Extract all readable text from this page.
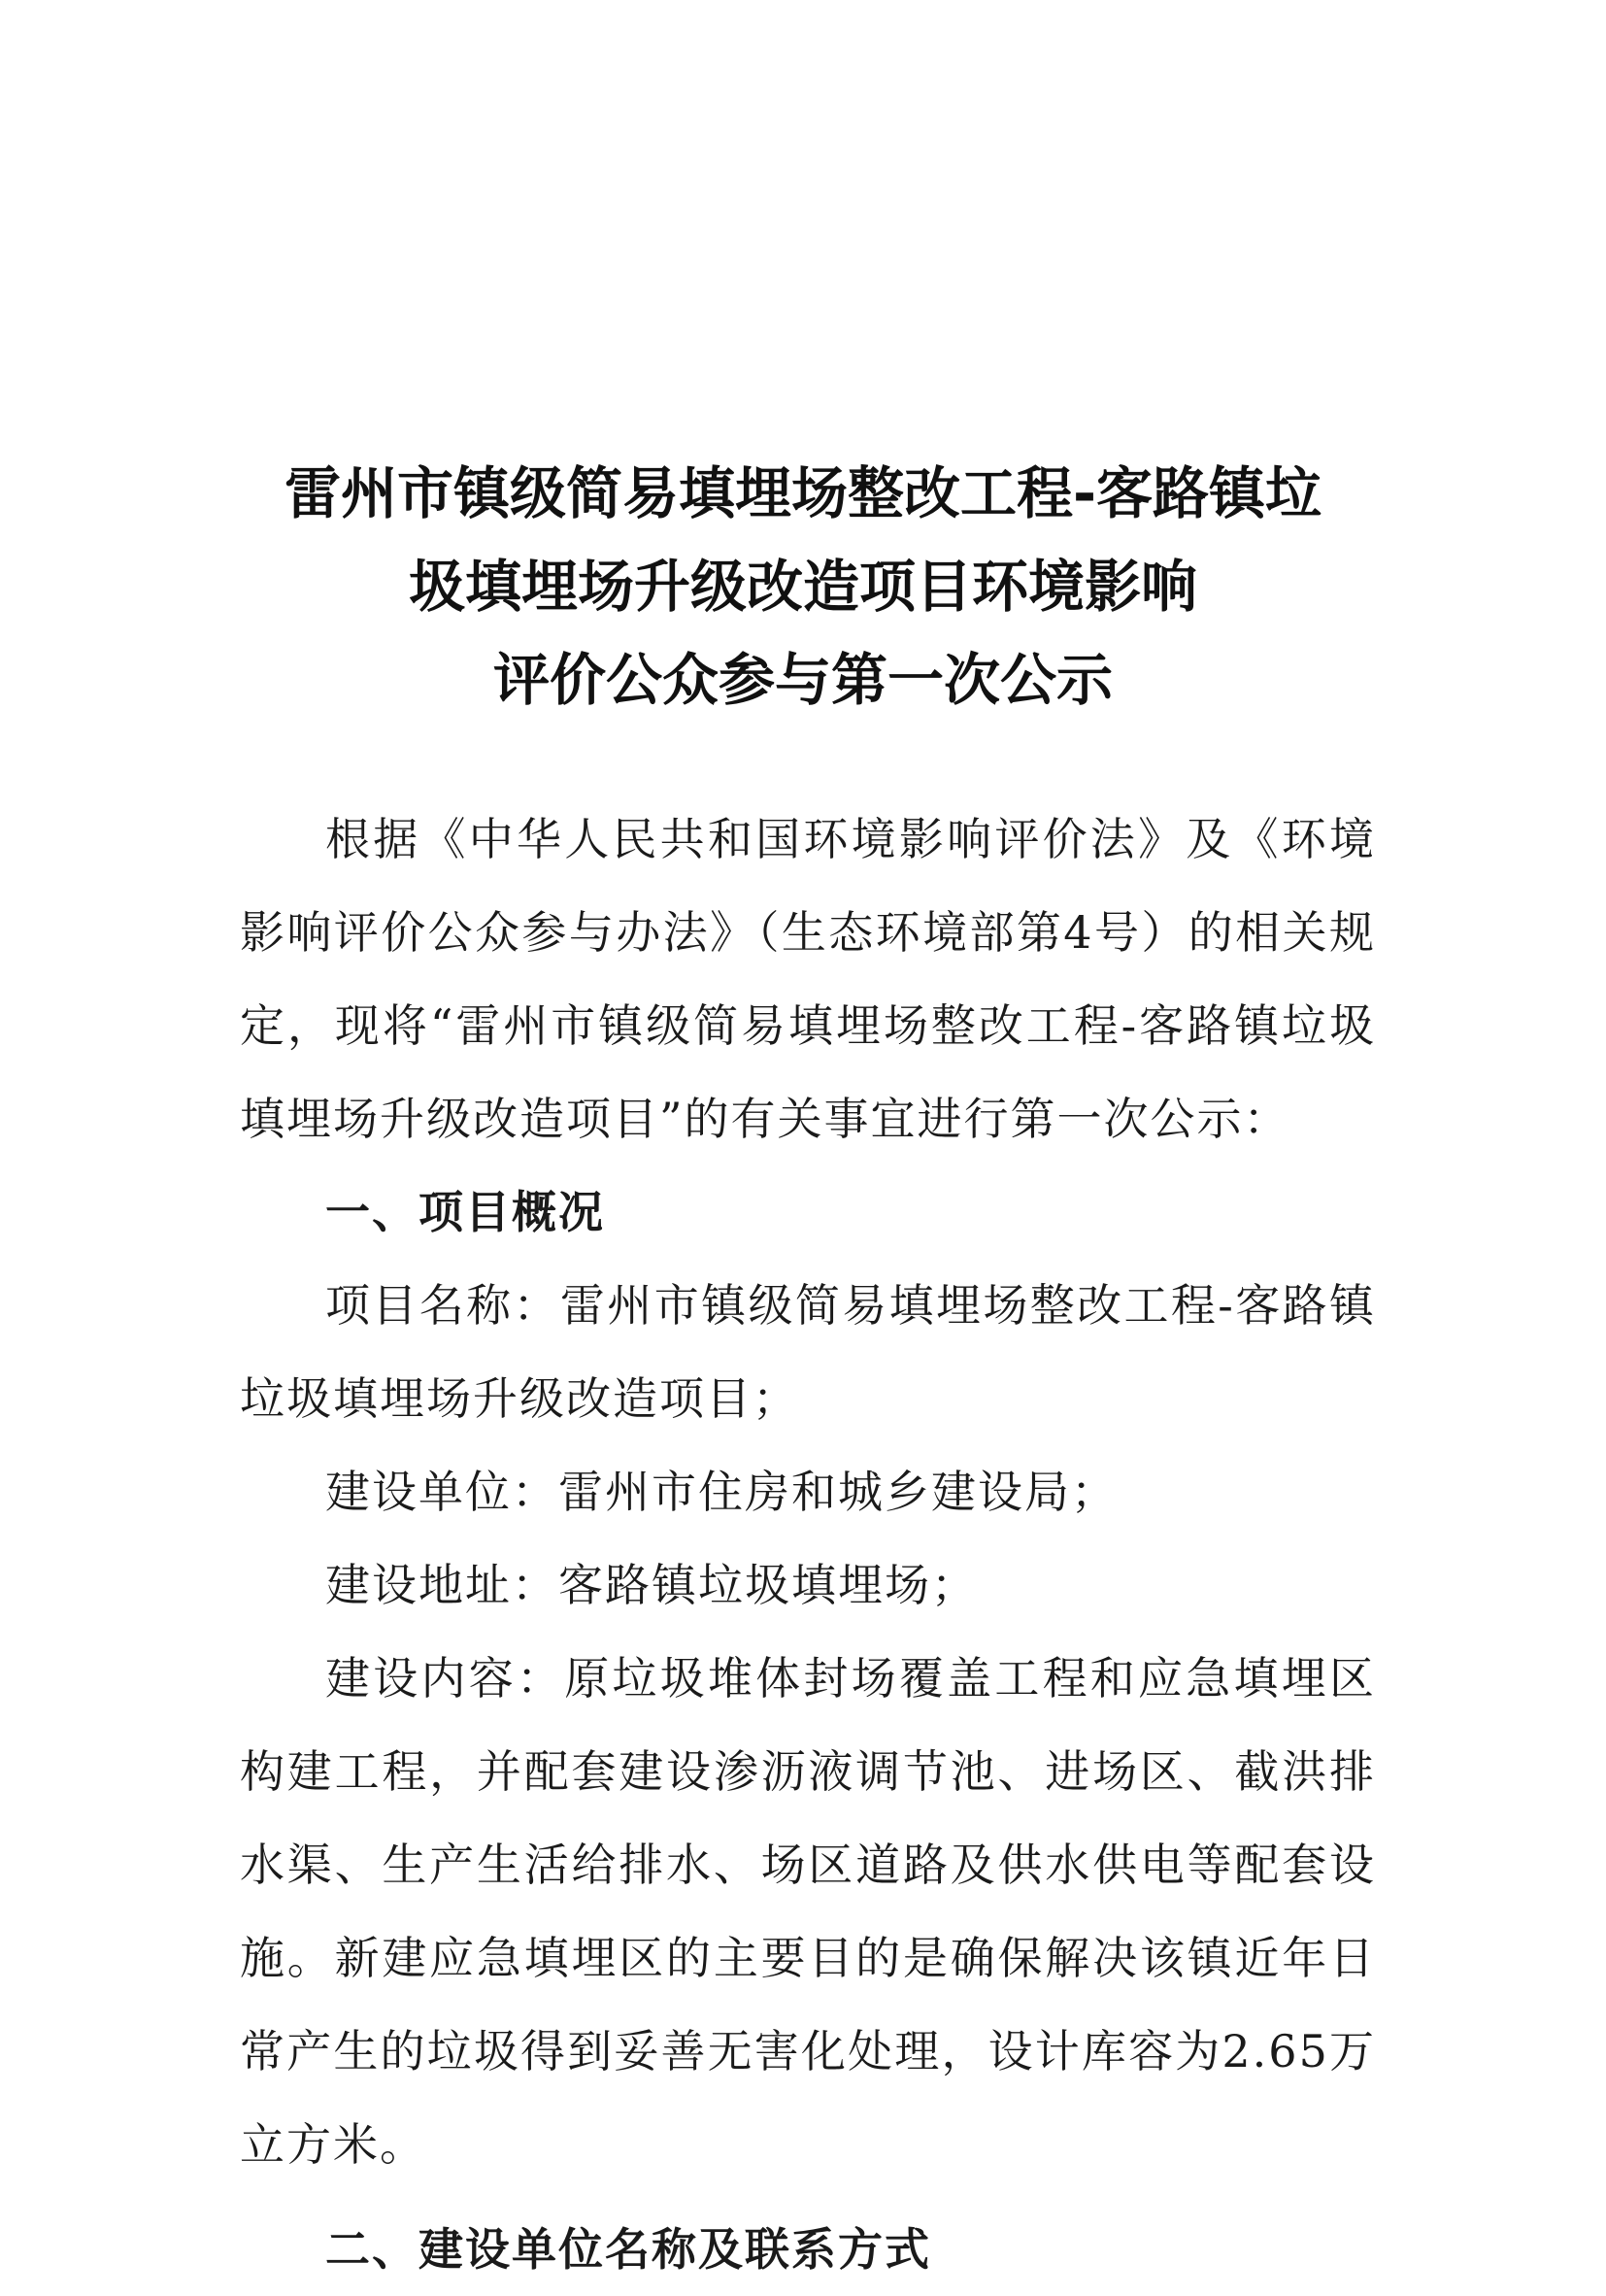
雷州市镇级简易填埋场整改工程-客路镇垃
圾填埋场升级改造项目环境影响
评价公众参与第一次公示

根据《中华人民共和国环境影响评价法》及《环境影响评价公众参与办法》（生态环境部第4号）的相关规定，现将“雷州市镇级简易填埋场整改工程-客路镇垃圾填埋场升级改造项目”的有关事宜进行第一次公示：

一、项目概况

项目名称：雷州市镇级简易填埋场整改工程-客路镇垃圾填埋场升级改造项目；

建设单位：雷州市住房和城乡建设局；

建设地址：客路镇垃圾填埋场；

建设内容：原垃圾堆体封场覆盖工程和应急填埋区构建工程，并配套建设渗沥液调节池、进场区、截洪排水渠、生产生活给排水、场区道路及供水供电等配套设施。新建应急填埋区的主要目的是确保解决该镇近年日常产生的垃圾得到妥善无害化处理，设计库容为2.65万立方米。

二、建设单位名称及联系方式
